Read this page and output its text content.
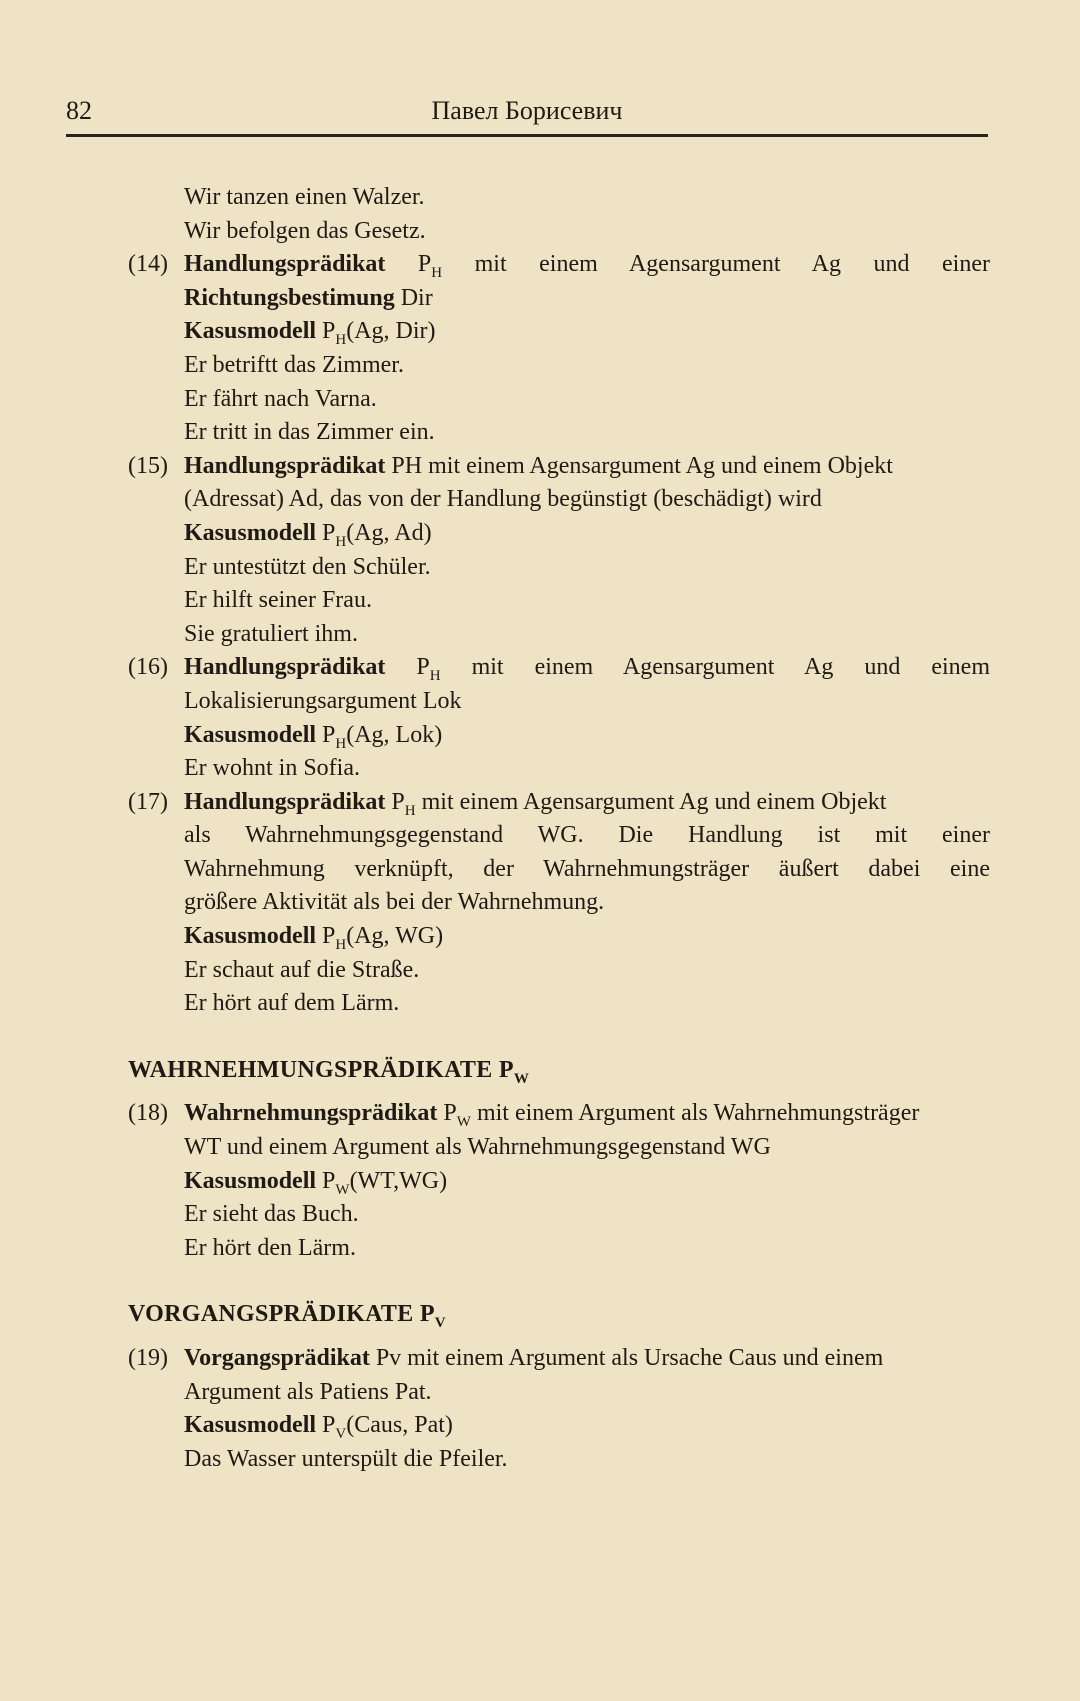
82	Павел Борисевич
Wir tanzen einen Walzer.
Wir befolgen das Gesetz.
(14) Handlungsprädikat $P_H$ mit einem Agensargument Ag und einer
Richtungsbestimung Dir
Kasusmodell $P_H(Ag$, Dir)
Er betriftt das Zimmer.
Er fährt nach Varna.
Er tritt in das Zimmer ein.
(15) Handlungsprädikat PH mit einem Agensargument Ag und einem Objekt
(Adressat) Ad, das von der Handlung begünstigt (beschädigt) wird
Kasusmodell $P_H(Ag$, Ad)
Er untestützt den Schüler.
Er hilft seiner Frau.
Sie gratuliert ihm.
(16) Handlungsprädikat $P_H$ mit einem Agensargument Ag und einem
Lokalisierungsargument Lok
Kasusmodell $P_H(Ag$, Lok)
Er wohnt in Sofia.
(17) Handlungsprädikat $P_H$ mit einem Agensargument Ag und einem Objekt
als Wahrnehmungsgegenstand WG. Die Handlung ist mit einer
Wahrnehmung verknüpft, der Wahrnehmungsträger äußert dabei eine
größere Aktivität als bei der Wahrnehmung.
Kasusmodell $P_H(Ag$, WG)
Er schaut auf die Straße.
Er hört auf dem Lärm.
WAHRNEHMUNGSPRÄDIKATE $P_W$
(18) Wahrnehmungsprädikat $P_W$ mit einem Argument als Wahrnehmungsträger
WT und einem Argument als Wahrnehmungsgegenstand WG
Kasusmodell $P_W(WT,WG)$
Er sieht das Buch.
Er hört den Lärm.
VORGANGSPRÄDIKATE $P_V$
(19) Vorgangsprädikat Pv mit einem Argument als Ursache Caus und einem
Argument als Patiens Pat.
Kasusmodell $P_V(Caus$, Pat)
Das Wasser unterspült die Pfeiler.
